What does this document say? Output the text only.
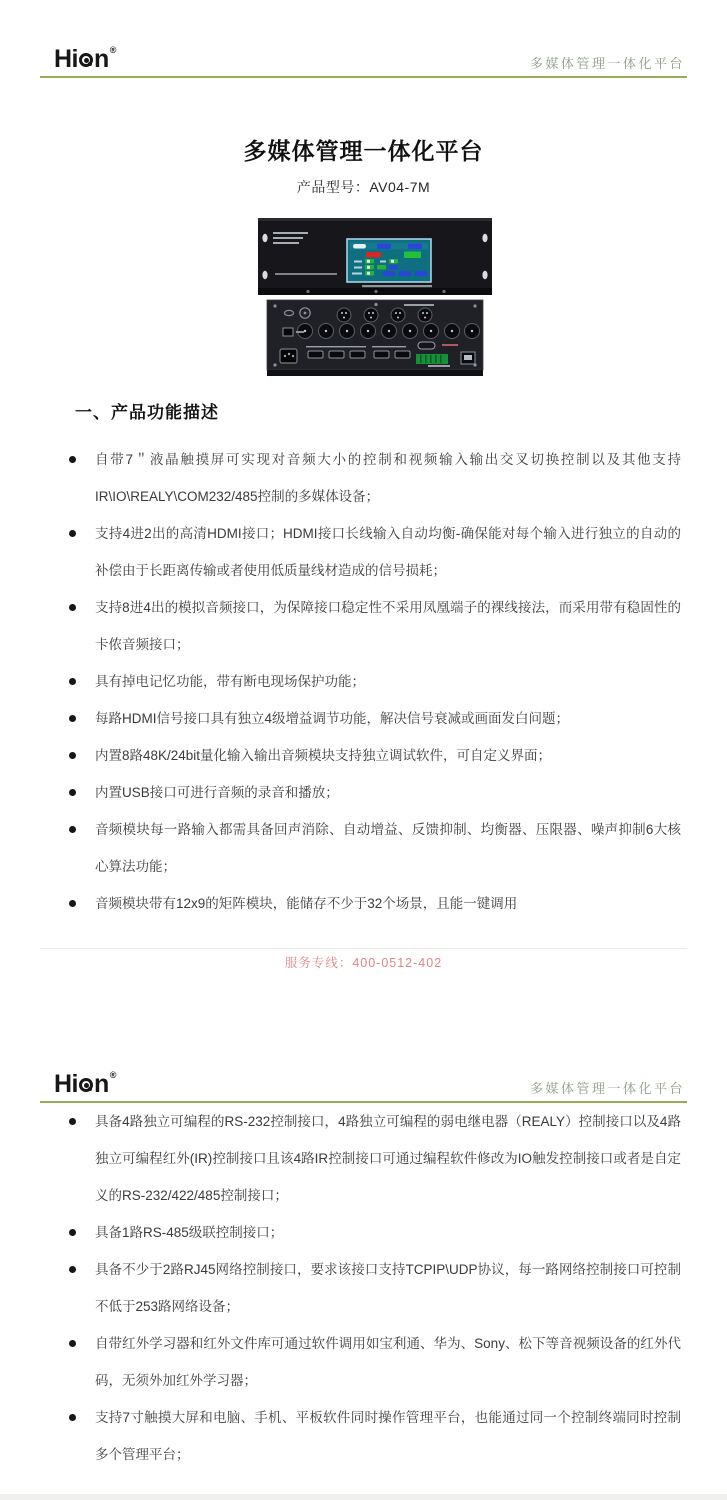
Hi n®
多媒体管理一体化平台
多媒体管理一体化平台
产品型号：AV04-7M
一、产品功能描述
自带7＂液晶触摸屏可实现对音频大小的控制和视频输入输出交叉切换控制以及其他支持IR\IO\REALY\COM232/485控制的多媒体设备；
支持4进2出的高清HDMI接口；HDMI接口长线输入自动均衡-确保能对每个输入进行独立的自动的补偿由于长距离传输或者使用低质量线材造成的信号损耗；
支持8进4出的模拟音频接口，为保障接口稳定性不采用凤凰端子的裸线接法，而采用带有稳固性的卡侬音频接口；
具有掉电记忆功能，带有断电现场保护功能；
每路HDMI信号接口具有独立4级增益调节功能，解决信号衰减或画面发白问题；
内置8路48K/24bit量化输入输出音频模块支持独立调试软件，可自定义界面；
内置USB接口可进行音频的录音和播放；
音频模块每一路输入都需具备回声消除、自动增益、反馈抑制、均衡器、压限器、噪声抑制6大核心算法功能；
音频模块带有12x9的矩阵模块，能储存不少于32个场景，且能一键调用
服务专线：400-0512-402
Hi n®
多媒体管理一体化平台
具备4路独立可编程的RS-232控制接口，4路独立可编程的弱电继电器（REALY）控制接口以及4路独立可编程红外(IR)控制接口且该4路IR控制接口可通过编程软件修改为IO触发控制接口或者是自定义的RS-232/422/485控制接口；
具备1路RS-485级联控制接口；
具备不少于2路RJ45网络控制接口，要求该接口支持TCPIP\UDP协议，每一路网络控制接口可控制不低于253路网络设备；
自带红外学习器和红外文件库可通过软件调用如宝利通、华为、Sony、松下等音视频设备的红外代码，无须外加红外学习器；
支持7寸触摸大屏和电脑、手机、平板软件同时操作管理平台，也能通过同一个控制终端同时控制多个管理平台；
